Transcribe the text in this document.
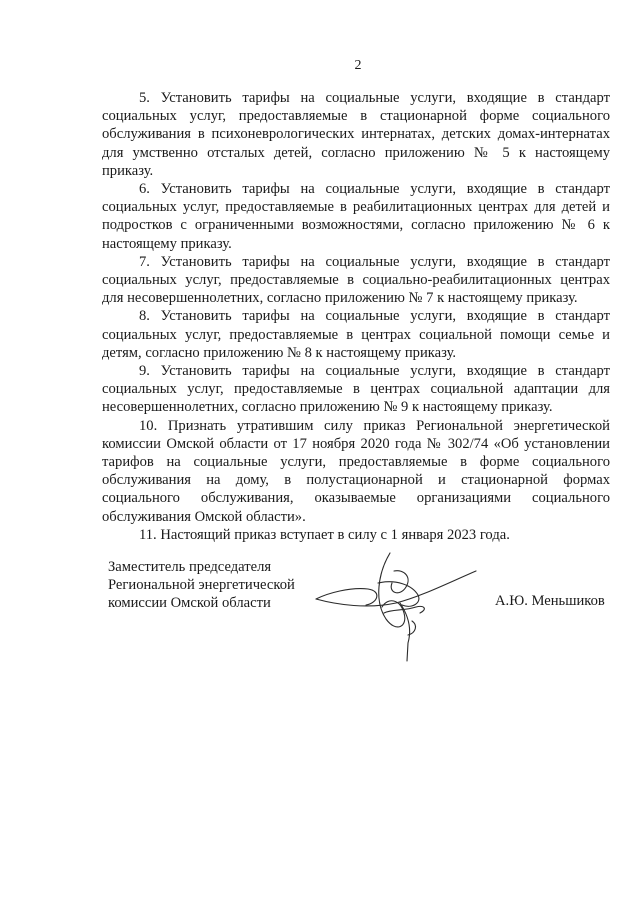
2

5. Установить тарифы на социальные услуги, входящие в стандарт социальных услуг, предоставляемые в стационарной форме социального обслуживания в психоневрологических интернатах, детских домах-интернатах для умственно отсталых детей, согласно приложению № 5 к настоящему приказу.

6. Установить тарифы на социальные услуги, входящие в стандарт социальных услуг, предоставляемые в реабилитационных центрах для детей и подростков с ограниченными возможностями, согласно приложению № 6 к настоящему приказу.

7. Установить тарифы на социальные услуги, входящие в стандарт социальных услуг, предоставляемые в социально-реабилитационных центрах для несовершеннолетних, согласно приложению № 7 к настоящему приказу.

8. Установить тарифы на социальные услуги, входящие в стандарт социальных услуг, предоставляемые в центрах социальной помощи семье и детям, согласно приложению № 8 к настоящему приказу.

9. Установить тарифы на социальные услуги, входящие в стандарт социальных услуг, предоставляемые в центрах социальной адаптации для несовершеннолетних, согласно приложению № 9 к настоящему приказу.

10. Признать утратившим силу приказ Региональной энергетической комиссии Омской области от 17 ноября 2020 года № 302/74 «Об установлении тарифов на социальные услуги, предоставляемые в форме социального обслуживания на дому, в полустационарной и стационарной формах социального обслуживания, оказываемые организациями социального обслуживания Омской области».

11. Настоящий приказ вступает в силу с 1 января 2023 года.

Заместитель председателя
Региональной энергетической
комиссии Омской области	А.Ю. Меньшиков
